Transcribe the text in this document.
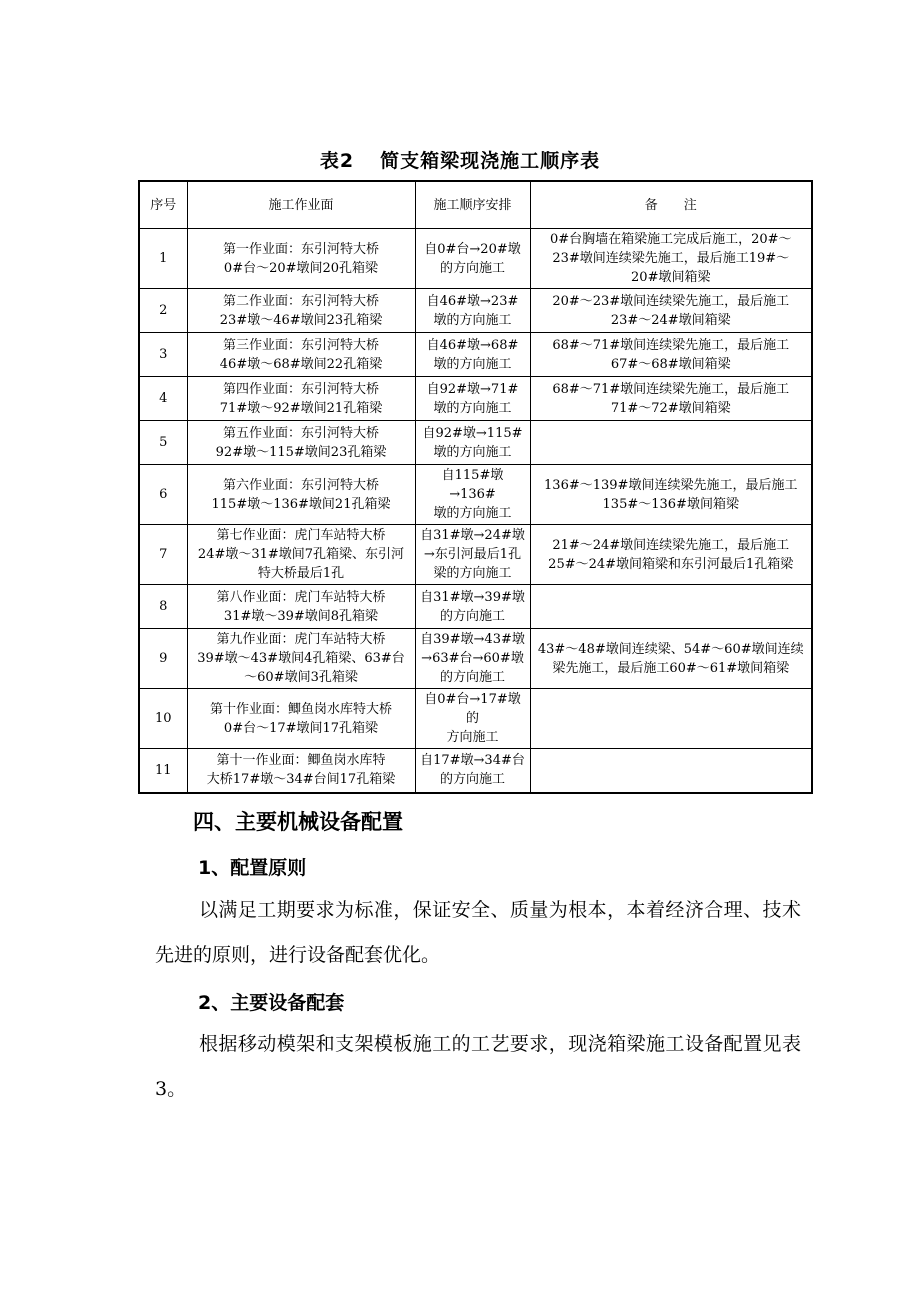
表2 简支箱梁现浇施工顺序表
序号	施工作业面	施工顺序安排	备　　注
1	第一作业面：东引河特大桥
0#台～20#墩间20孔箱梁	自0#台→20#墩
的方向施工	0#台胸墙在箱梁施工完成后施工，20#～
23#墩间连续梁先施工，最后施工19#～
20#墩间箱梁
2	第二作业面：东引河特大桥
23#墩～46#墩间23孔箱梁	自46#墩→23#
墩的方向施工	20#～23#墩间连续梁先施工，最后施工
23#～24#墩间箱梁
3	第三作业面：东引河特大桥
46#墩～68#墩间22孔箱梁	自46#墩→68#
墩的方向施工	68#～71#墩间连续梁先施工，最后施工
67#～68#墩间箱梁
4	第四作业面：东引河特大桥
71#墩～92#墩间21孔箱梁	自92#墩→71#
墩的方向施工	68#～71#墩间连续梁先施工，最后施工
71#～72#墩间箱梁
5	第五作业面：东引河特大桥
92#墩～115#墩间23孔箱梁	自92#墩→115#
墩的方向施工	
6	第六作业面：东引河特大桥
115#墩～136#墩间21孔箱梁	自115#墩→136#
墩的方向施工	136#～139#墩间连续梁先施工，最后施工
135#～136#墩间箱梁
7	第七作业面：虎门车站特大桥
24#墩～31#墩间7孔箱梁、东引河
特大桥最后1孔	自31#墩→24#墩
→东引河最后1孔
梁的方向施工	21#～24#墩间连续梁先施工，最后施工
25#～24#墩间箱梁和东引河最后1孔箱梁
8	第八作业面：虎门车站特大桥
31#墩～39#墩间8孔箱梁	自31#墩→39#墩
的方向施工	
9	第九作业面：虎门车站特大桥
39#墩～43#墩间4孔箱梁、63#台
～60#墩间3孔箱梁	自39#墩→43#墩
→63#台→60#墩
的方向施工	43#～48#墩间连续梁、54#～60#墩间连续
梁先施工，最后施工60#～61#墩间箱梁
10	第十作业面：鲫鱼岗水库特大桥
0#台～17#墩间17孔箱梁	自0#台→17#墩的
方向施工	
11	第十一作业面：鲫鱼岗水库特
大桥17#墩～34#台间17孔箱梁	自17#墩→34#台
的方向施工	
四、主要机械设备配置
1、配置原则

以满足工期要求为标准，保证安全、质量为根本，本着经济合理、技术先进的原则，进行设备配套优化。

2、主要设备配套

根据移动模架和支架模板施工的工艺要求，现浇箱梁施工设备配置见表3。
